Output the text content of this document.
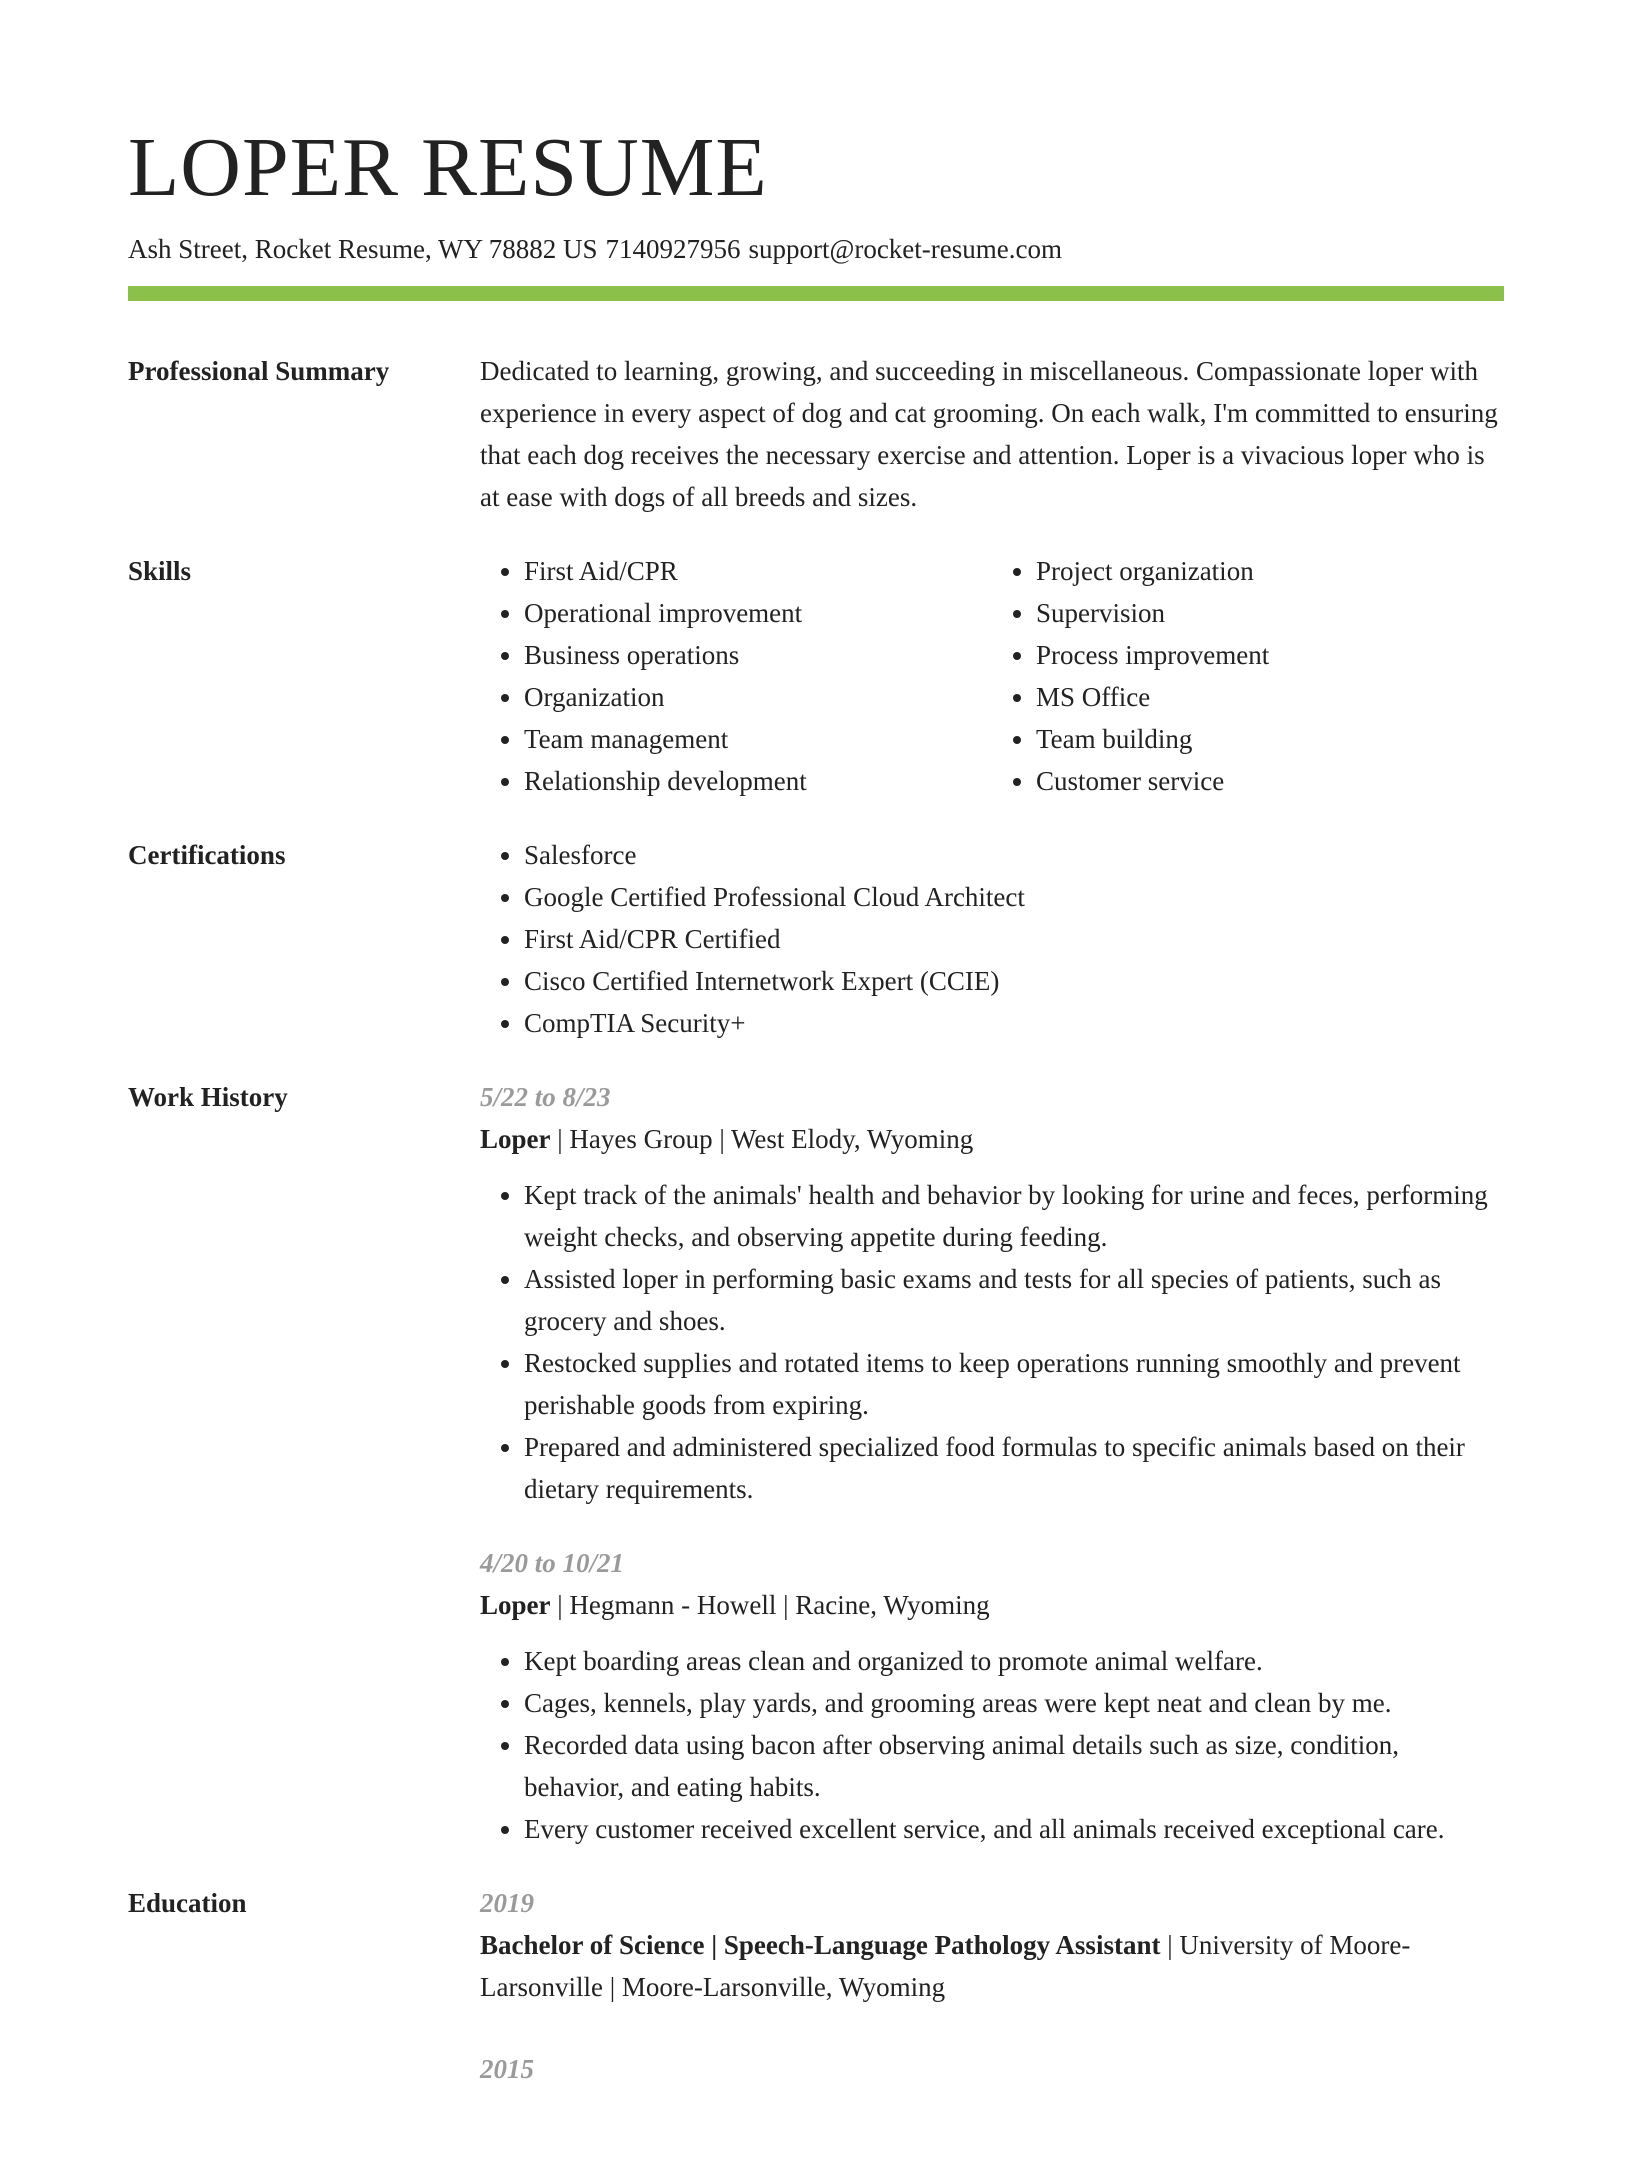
LOPER RESUME
Ash Street, Rocket Resume, WY 78882 US 7140927956 support@rocket-resume.com
Professional Summary	Dedicated to learning, growing, and succeeding in miscellaneous. Compassionate loper with experience in every aspect of dog and cat grooming. On each walk, I'm committed to ensuring that each dog receives the necessary exercise and attention. Loper is a vivacious loper who is at ease with dogs of all breeds and sizes.

Skills	• First Aid/CPR
• Operational improvement
• Business operations
• Organization
• Team management
• Relationship development
• Project organization
• Supervision
• Process improvement
• MS Office
• Team building
• Customer service
Certifications	• Salesforce
• Google Certified Professional Cloud Architect
• First Aid/CPR Certified
• Cisco Certified Internetwork Expert (CCIE)
• CompTIA Security+
Work History	5/22 to 8/23
Loper | Hayes Group | West Elody, Wyoming
• Kept track of the animals' health and behavior by looking for urine and feces, performing weight checks, and observing appetite during feeding.
• Assisted loper in performing basic exams and tests for all species of patients, such as grocery and shoes.
• Restocked supplies and rotated items to keep operations running smoothly and prevent perishable goods from expiring.
• Prepared and administered specialized food formulas to specific animals based on their dietary requirements.
4/20 to 10/21
Loper | Hegmann - Howell | Racine, Wyoming
• Kept boarding areas clean and organized to promote animal welfare.
• Cages, kennels, play yards, and grooming areas were kept neat and clean by me.
• Recorded data using bacon after observing animal details such as size, condition, behavior, and eating habits.
• Every customer received excellent service, and all animals received exceptional care.
Education	2019
Bachelor of Science | Speech-Language Pathology Assistant | University of Moore-Larsonville | Moore-Larsonville, Wyoming
2015
